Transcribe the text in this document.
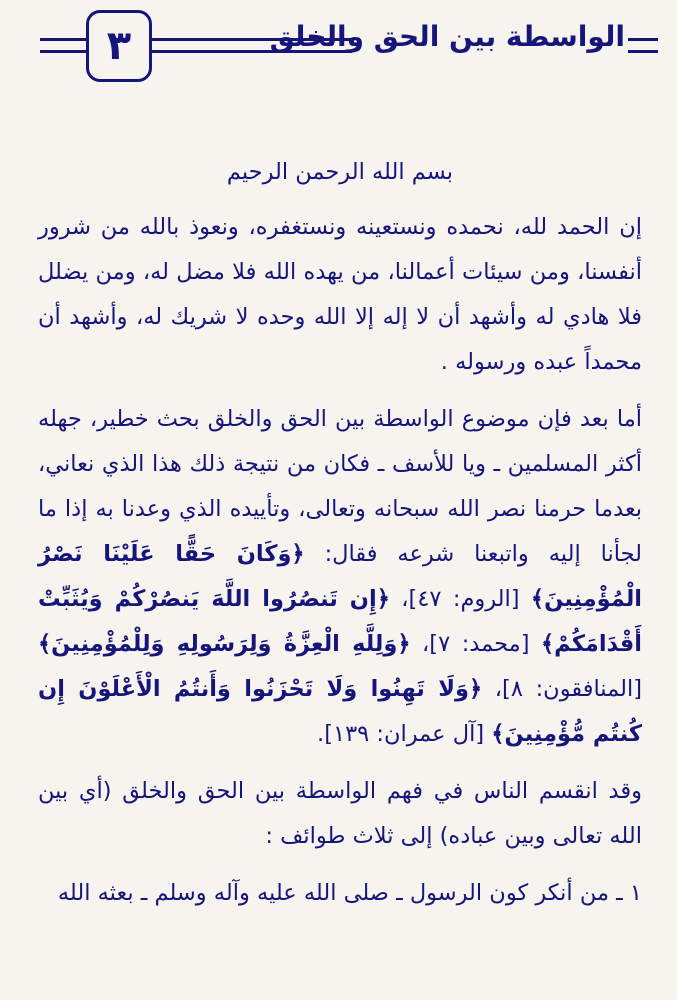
٣	الواسطة بين الحق والخلق
بسم الله الرحمن الرحيم

إن الحمد لله، نحمده ونستعينه ونستغفره، ونعوذ بالله من شرور أنفسنا، ومن سيئات أعمالنا، من يهده الله فلا مضل له، ومن يضلل فلا هادي له وأشهد أن لا إله إلا الله وحده لا شريك له، وأشهد أن محمداً عبده ورسوله .

أما بعد فإن موضوع الواسطة بين الحق والخلق بحث خطير، جهله أكثر المسلمين ـ ويا للأسف ـ فكان من نتيجة ذلك هذا الذي نعاني، بعدما حرمنا نصر الله سبحانه وتعالى، وتأييده الذي وعدنا به إذا ما لجأنا إليه واتبعنا شرعه فقال: ﴿وَكَانَ حَقًّا عَلَيْنَا نَصْرُ الْمُؤْمِنِينَ﴾ [الروم: ٤٧]، ﴿إِن تَنصُرُوا اللَّهَ يَنصُرْكُمْ وَيُثَبِّتْ أَقْدَامَكُمْ﴾ [محمد: ٧]، ﴿وَلِلَّهِ الْعِزَّةُ وَلِرَسُولِهِ وَلِلْمُؤْمِنِينَ﴾ [المنافقون: ٨]، ﴿وَلَا تَهِنُوا وَلَا تَحْزَنُوا وَأَنتُمُ الْأَعْلَوْنَ إِن كُنتُم مُّؤْمِنِينَ﴾ [آل عمران: ١٣٩].

وقد انقسم الناس في فهم الواسطة بين الحق والخلق (أي بين الله تعالى وبين عباده) إلى ثلاث طوائف :

١ ـ من أنكر كون الرسول ـ صلى الله عليه وآله وسلم ـ بعثه الله
